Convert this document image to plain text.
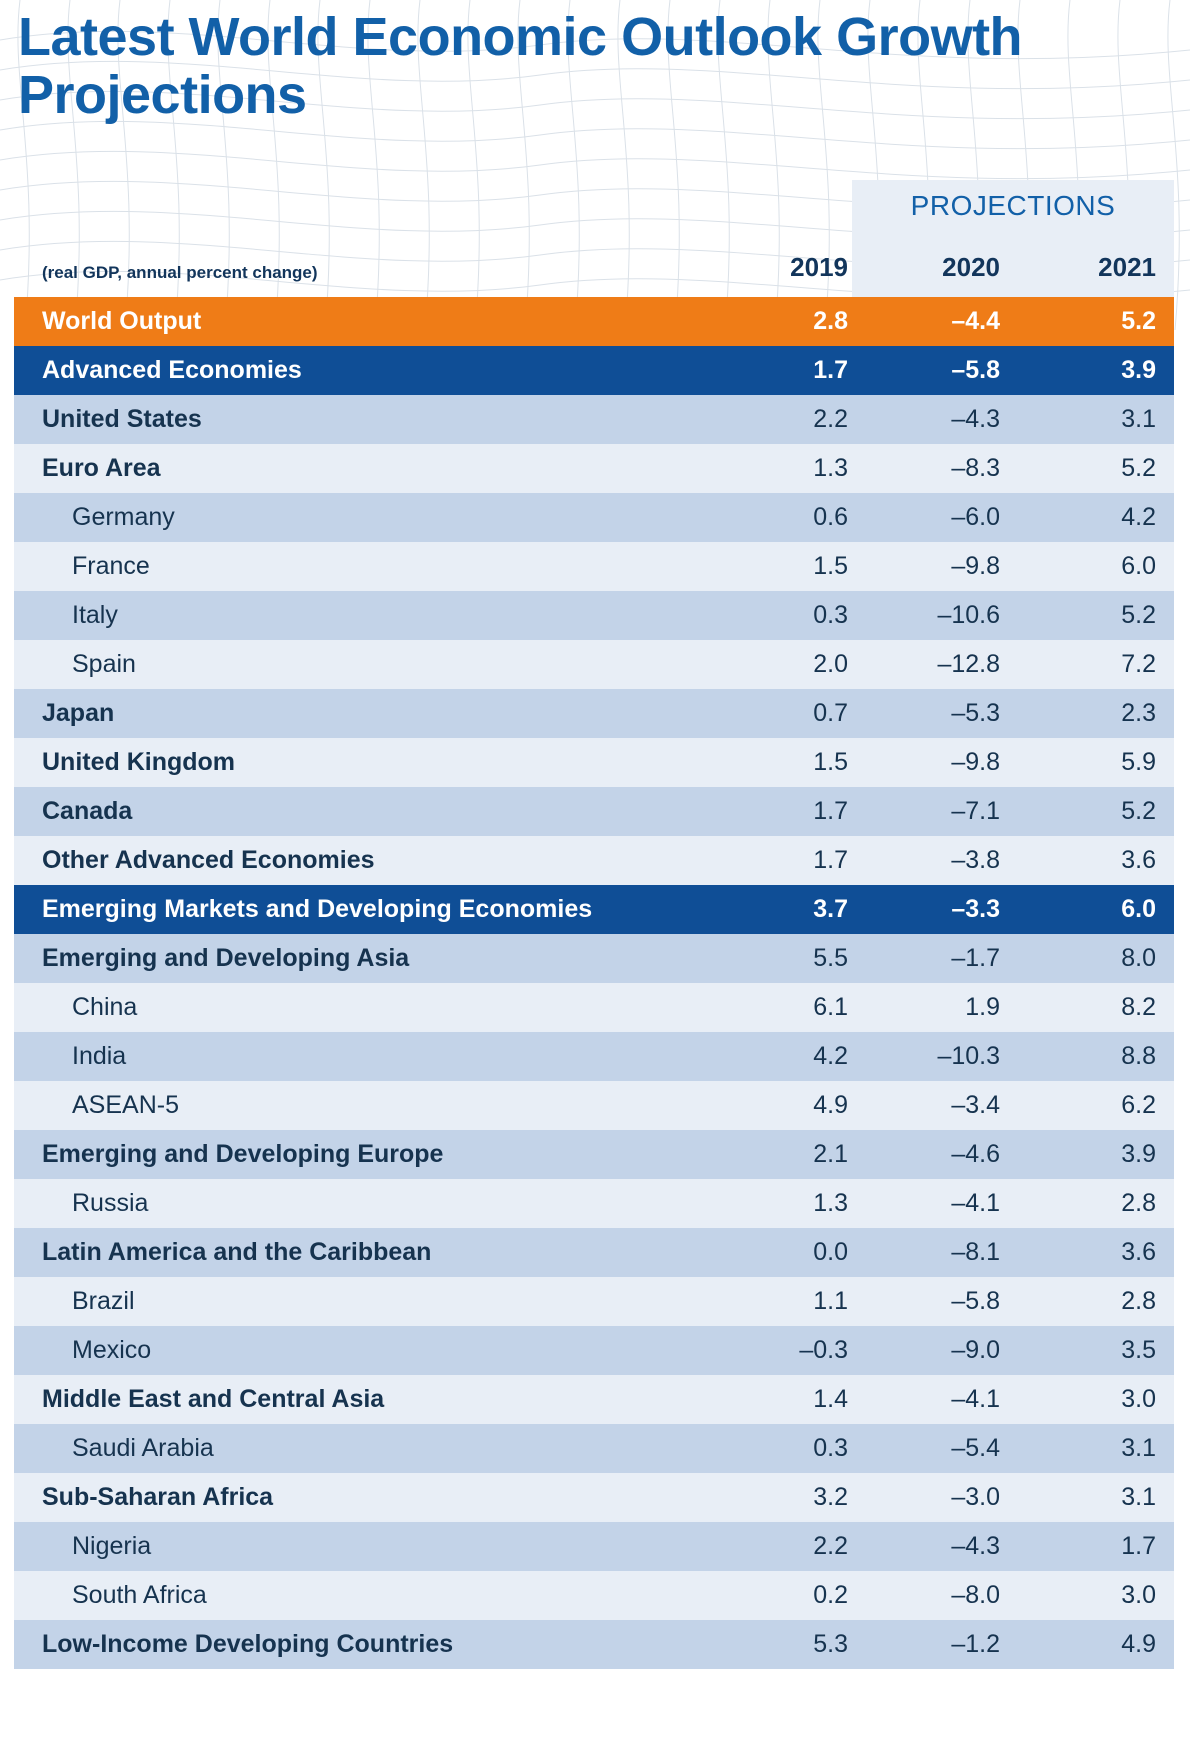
Latest World Economic Outlook Growth Projections
PROJECTIONS
(real GDP, annual percent change)	2019	2020	2021
World Output	2.8	–4.4	5.2
Advanced Economies	1.7	–5.8	3.9
United States	2.2	–4.3	3.1
Euro Area	1.3	–8.3	5.2
Germany	0.6	–6.0	4.2
France	1.5	–9.8	6.0
Italy	0.3	–10.6	5.2
Spain	2.0	–12.8	7.2
Japan	0.7	–5.3	2.3
United Kingdom	1.5	–9.8	5.9
Canada	1.7	–7.1	5.2
Other Advanced Economies	1.7	–3.8	3.6
Emerging Markets and Developing Economies	3.7	–3.3	6.0
Emerging and Developing Asia	5.5	–1.7	8.0
China	6.1	1.9	8.2
India	4.2	–10.3	8.8
ASEAN-5	4.9	–3.4	6.2
Emerging and Developing Europe	2.1	–4.6	3.9
Russia	1.3	–4.1	2.8
Latin America and the Caribbean	0.0	–8.1	3.6
Brazil	1.1	–5.8	2.8
Mexico	–0.3	–9.0	3.5
Middle East and Central Asia	1.4	–4.1	3.0
Saudi Arabia	0.3	–5.4	3.1
Sub-Saharan Africa	3.2	–3.0	3.1
Nigeria	2.2	–4.3	1.7
South Africa	0.2	–8.0	3.0
Low-Income Developing Countries	5.3	–1.2	4.9
